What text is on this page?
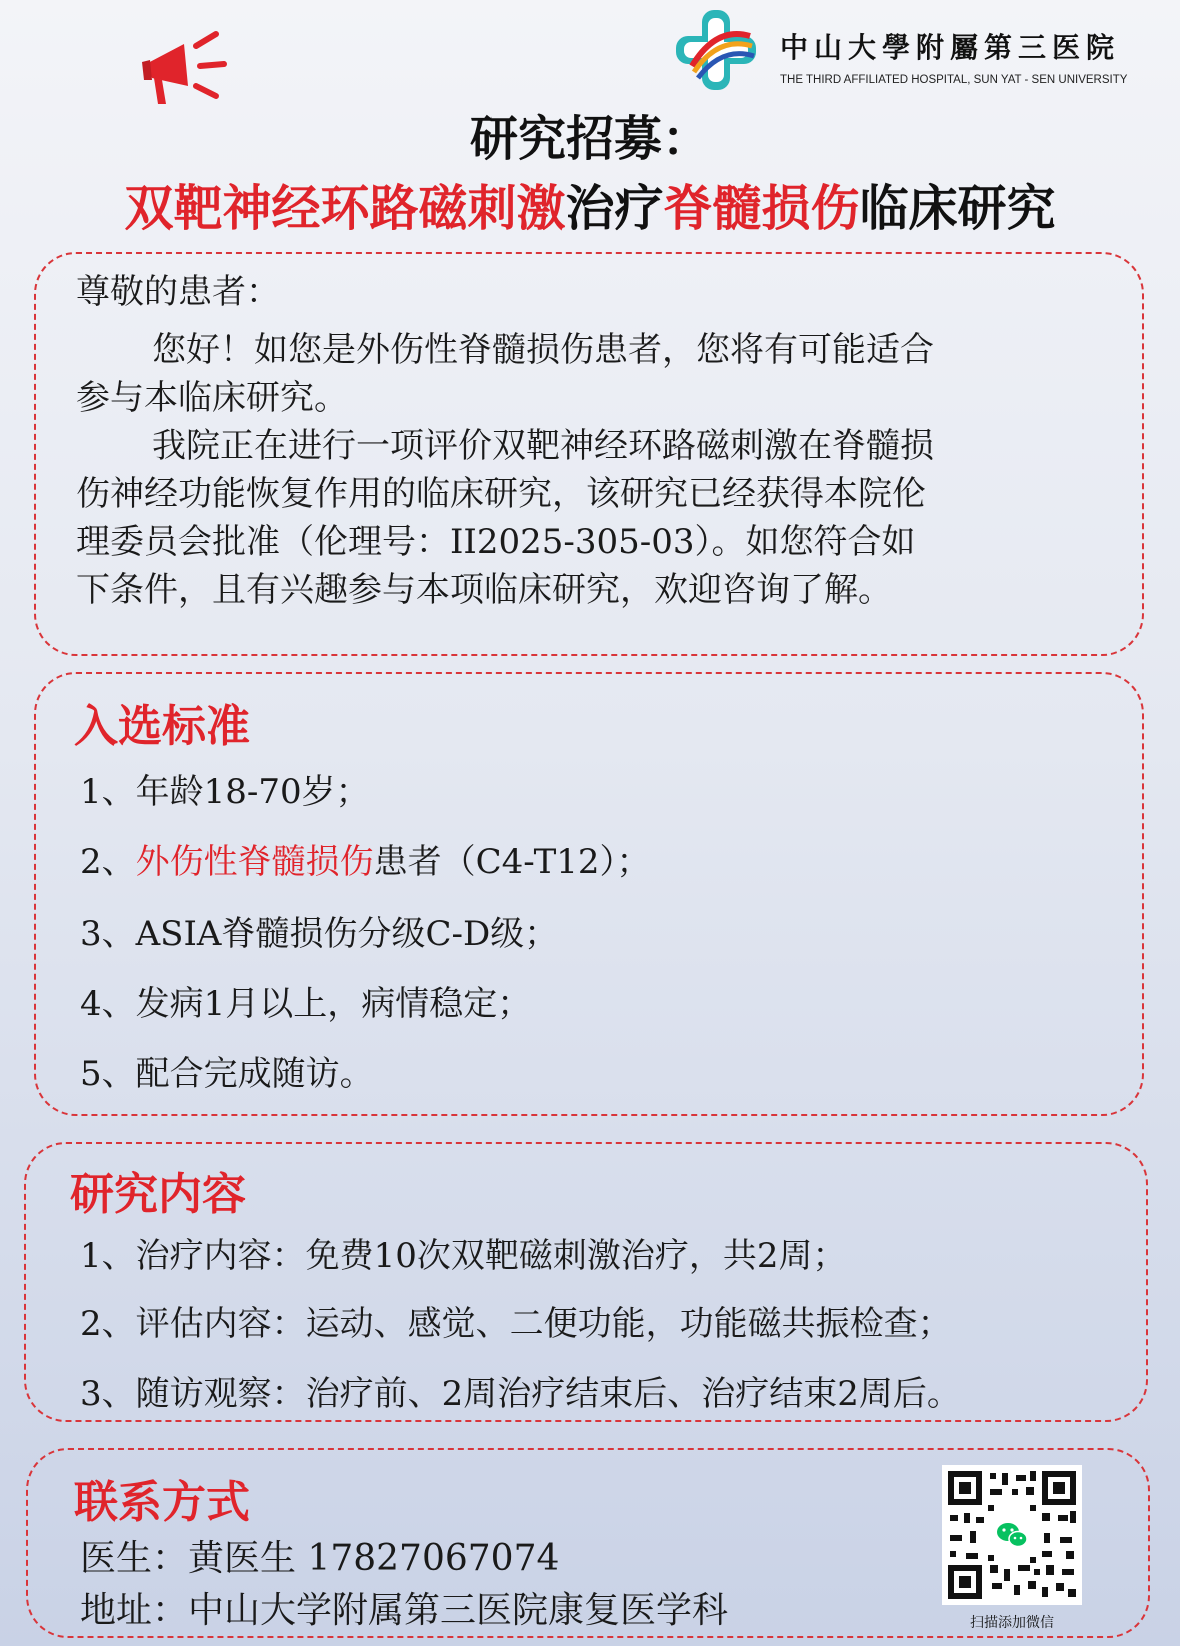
中山大學附屬第三医院
THE THIRD AFFILIATED HOSPITAL, SUN YAT - SEN UNIVERSITY
研究招募：
双靶神经环路磁刺激治疗脊髓损伤临床研究
尊敬的患者：
您好！如您是外伤性脊髓损伤患者，您将有可能适合
参与本临床研究。
我院正在进行一项评价双靶神经环路磁刺激在脊髓损
伤神经功能恢复作用的临床研究，该研究已经获得本院伦
理委员会批准（伦理号：II2025-305-03）。如您符合如
下条件，且有兴趣参与本项临床研究，欢迎咨询了解。
入选标准
1、年龄18-70岁；
2、外伤性脊髓损伤患者（C4-T12）；
3、ASIA脊髓损伤分级C-D级；
4、发病1月以上，病情稳定；
5、配合完成随访。
研究内容
1、治疗内容：免费10次双靶磁刺激治疗，共2周；
2、评估内容：运动、感觉、二便功能，功能磁共振检查；
3、随访观察：治疗前、2周治疗结束后、治疗结束2周后。
联系方式
医生：黄医生 17827067074
地址：中山大学附属第三医院康复医学科	扫描添加微信
